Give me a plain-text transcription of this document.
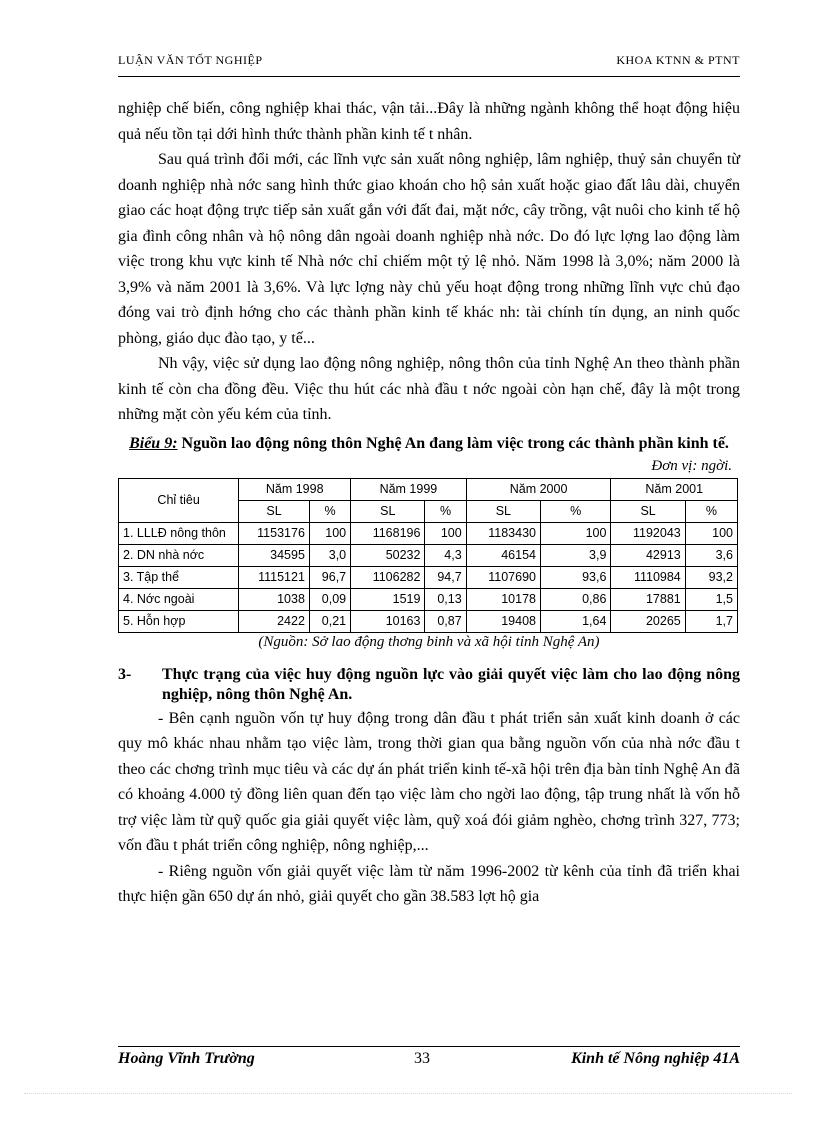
LUẬN VĂN TỐT NGHIỆP	KHOA KTNN & PTNT

nghiệp chế biến, công nghiệp khai thác, vận tải...Đây là những ngành không thể hoạt động hiệu quả nếu tồn tại dới hình thức thành phần kinh tế t nhân.

Sau quá trình đổi mới, các lĩnh vực sản xuất nông nghiệp, lâm nghiệp, thuỷ sản chuyển từ doanh nghiệp nhà nớc sang hình thức giao khoán cho hộ sản xuất hoặc giao đất lâu dài, chuyển giao các hoạt động trực tiếp sản xuất gắn với đất đai, mặt nớc, cây trồng, vật nuôi cho kinh tế hộ gia đình công nhân và hộ nông dân ngoài doanh nghiệp nhà nớc. Do đó lực lợng lao động làm việc trong khu vực kinh tế Nhà nớc chỉ chiếm một tỷ lệ nhỏ. Năm 1998 là 3,0%; năm 2000 là 3,9% và năm 2001 là 3,6%. Và lực lợng này chủ yếu hoạt động trong những lĩnh vực chủ đạo đóng vai trò định hớng cho các thành phần kinh tế khác nh: tài chính tín dụng, an ninh quốc phòng, giáo dục đào tạo, y tế...

Nh vậy, việc sử dụng lao động nông nghiệp, nông thôn của tỉnh Nghệ An theo thành phần kinh tế còn cha đồng đều. Việc thu hút các nhà đầu t nớc ngoài còn hạn chế, đây là một trong những mặt còn yếu kém của tỉnh.

Biểu 9: Nguồn lao động nông thôn Nghệ An đang làm việc trong các thành phần kinh tế.

Đơn vị: ngời.
Chỉ tiêu	Năm 1998		Năm 1999		Năm 2000		Năm 2001	
	SL	%	SL	%	SL	%	SL	%
1. LLLĐ nông thôn	1153176	100	1168196	100	1183430	100	1192043	100
2. DN nhà nớc	34595	3,0	50232	4,3	46154	3,9	42913	3,6
3. Tập thể	1115121	96,7	1106282	94,7	1107690	93,6	1110984	93,2
4. Nớc ngoài	1038	0,09	1519	0,13	10178	0,86	17881	1,5
5. Hỗn hợp	2422	0,21	10163	0,87	19408	1,64	20265	1,7
(Nguồn: Sở lao động thơng binh và xã hội tỉnh Nghệ An)
3-	Thực trạng của việc huy động nguồn lực vào giải quyết việc làm cho lao động nông nghiệp, nông thôn Nghệ An.

- Bên cạnh nguồn vốn tự huy động trong dân đầu t phát triển sản xuất kinh doanh ở các quy mô khác nhau nhằm tạo việc làm, trong thời gian qua bằng nguồn vốn của nhà nớc đầu t theo các chơng trình mục tiêu và các dự án phát triển kinh tế-xã hội trên địa bàn tỉnh Nghệ An đã có khoảng 4.000 tỷ đồng liên quan đến tạo việc làm cho ngời lao động, tập trung nhất là vốn hỗ trợ việc làm từ quỹ quốc gia giải quyết việc làm, quỹ xoá đói giảm nghèo, chơng trình 327, 773; vốn đầu t phát triển công nghiệp, nông nghiệp,...

- Riêng nguồn vốn giải quyết việc làm từ năm 1996-2002 từ kênh của tỉnh đã triển khai thực hiện gần 650 dự án nhỏ, giải quyết cho gần 38.583 lợt hộ gia

Hoàng Vĩnh Trường	33	Kinh tế Nông nghiệp 41A
